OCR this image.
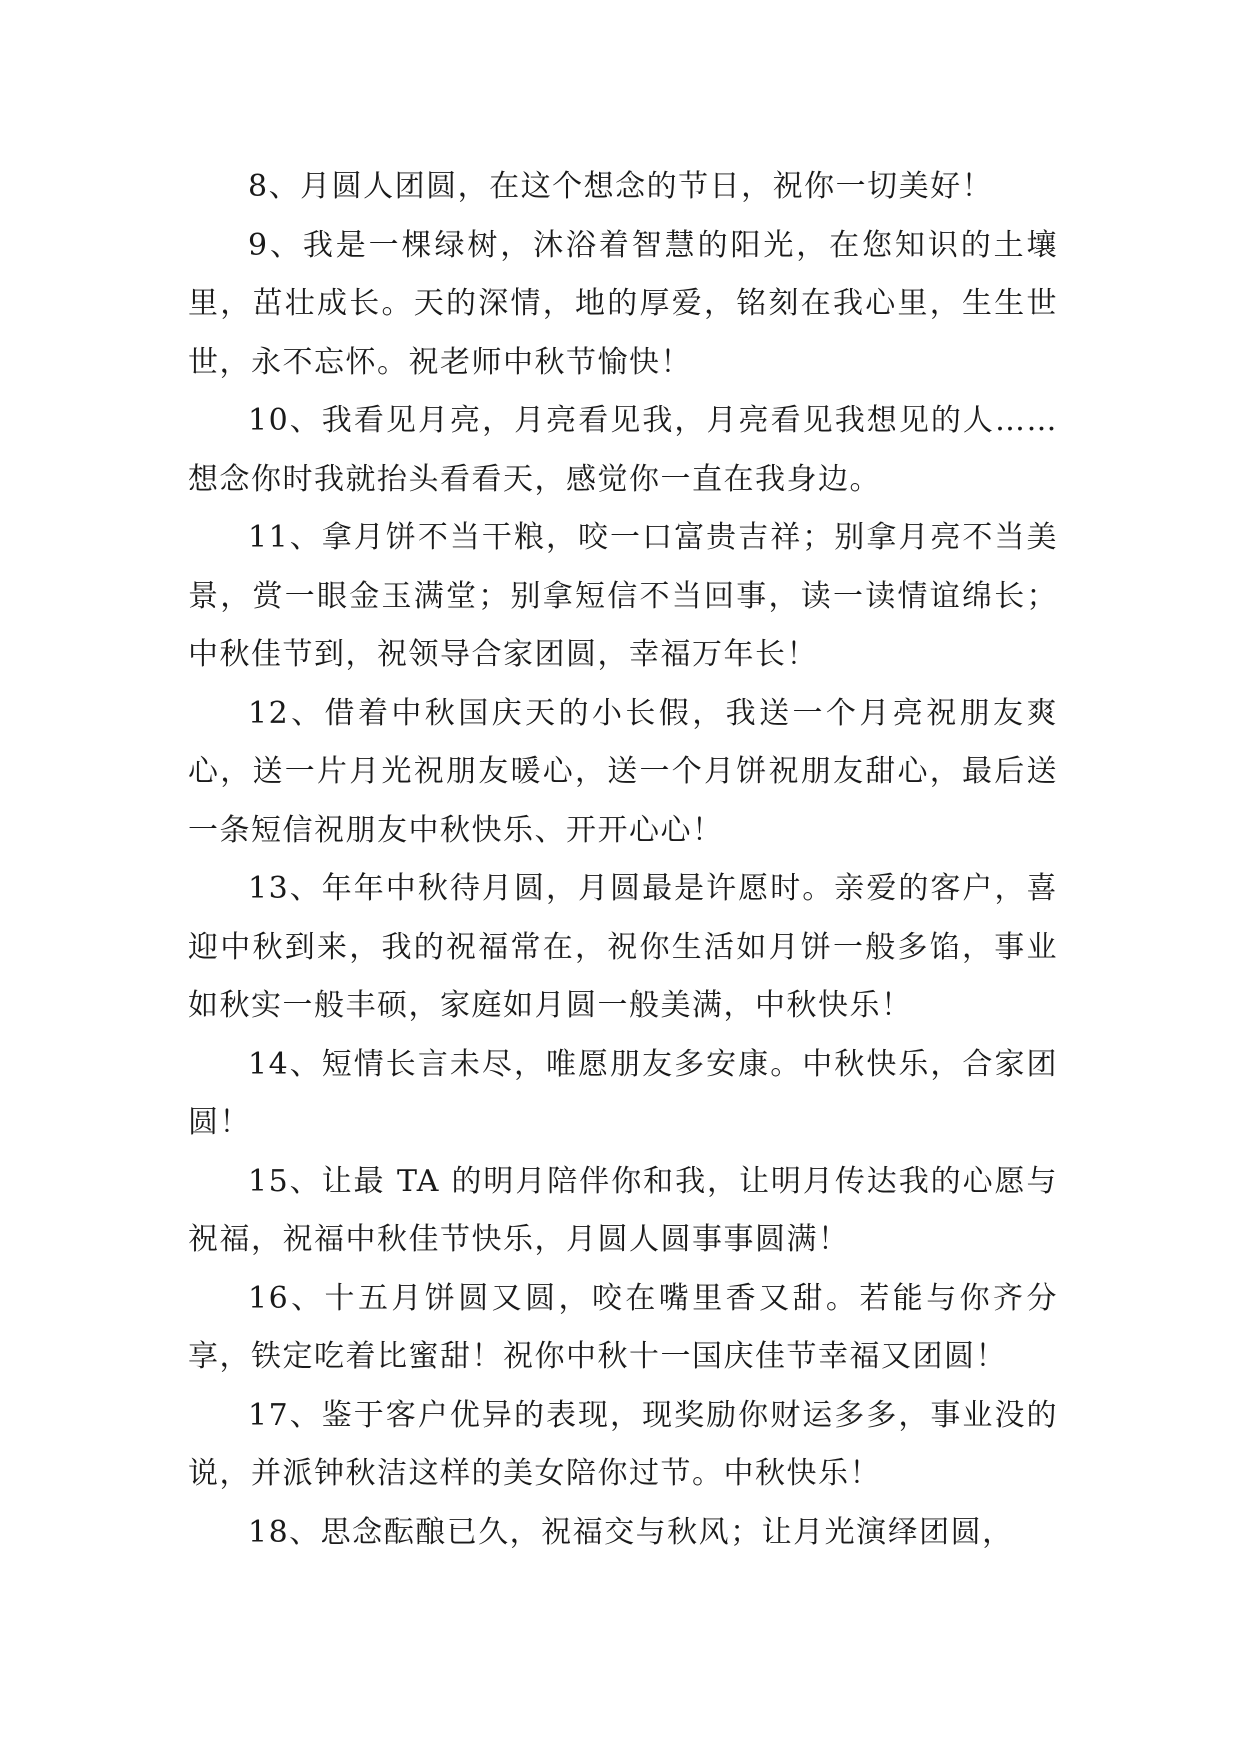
8、月圆人团圆，在这个想念的节日，祝你一切美好！

9、我是一棵绿树，沐浴着智慧的阳光，在您知识的土壤里，茁壮成长。天的深情，地的厚爱，铭刻在我心里，生生世世，永不忘怀。祝老师中秋节愉快！

10、我看见月亮，月亮看见我，月亮看见我想见的人……想念你时我就抬头看看天，感觉你一直在我身边。

11、拿月饼不当干粮，咬一口富贵吉祥；别拿月亮不当美景，赏一眼金玉满堂；别拿短信不当回事，读一读情谊绵长；中秋佳节到，祝领导合家团圆，幸福万年长！

12、借着中秋国庆天的小长假，我送一个月亮祝朋友爽心，送一片月光祝朋友暖心，送一个月饼祝朋友甜心，最后送一条短信祝朋友中秋快乐、开开心心！

13、年年中秋待月圆，月圆最是许愿时。亲爱的客户，喜迎中秋到来，我的祝福常在，祝你生活如月饼一般多馅，事业如秋实一般丰硕，家庭如月圆一般美满，中秋快乐！

14、短情长言未尽，唯愿朋友多安康。中秋快乐，合家团圆！

15、让最 TA 的明月陪伴你和我，让明月传达我的心愿与祝福，祝福中秋佳节快乐，月圆人圆事事圆满！

16、十五月饼圆又圆，咬在嘴里香又甜。若能与你齐分享，铁定吃着比蜜甜！祝你中秋十一国庆佳节幸福又团圆！

17、鉴于客户优异的表现，现奖励你财运多多，事业没的说，并派钟秋洁这样的美女陪你过节。中秋快乐！

18、思念酝酿已久，祝福交与秋风；让月光演绎团圆，
